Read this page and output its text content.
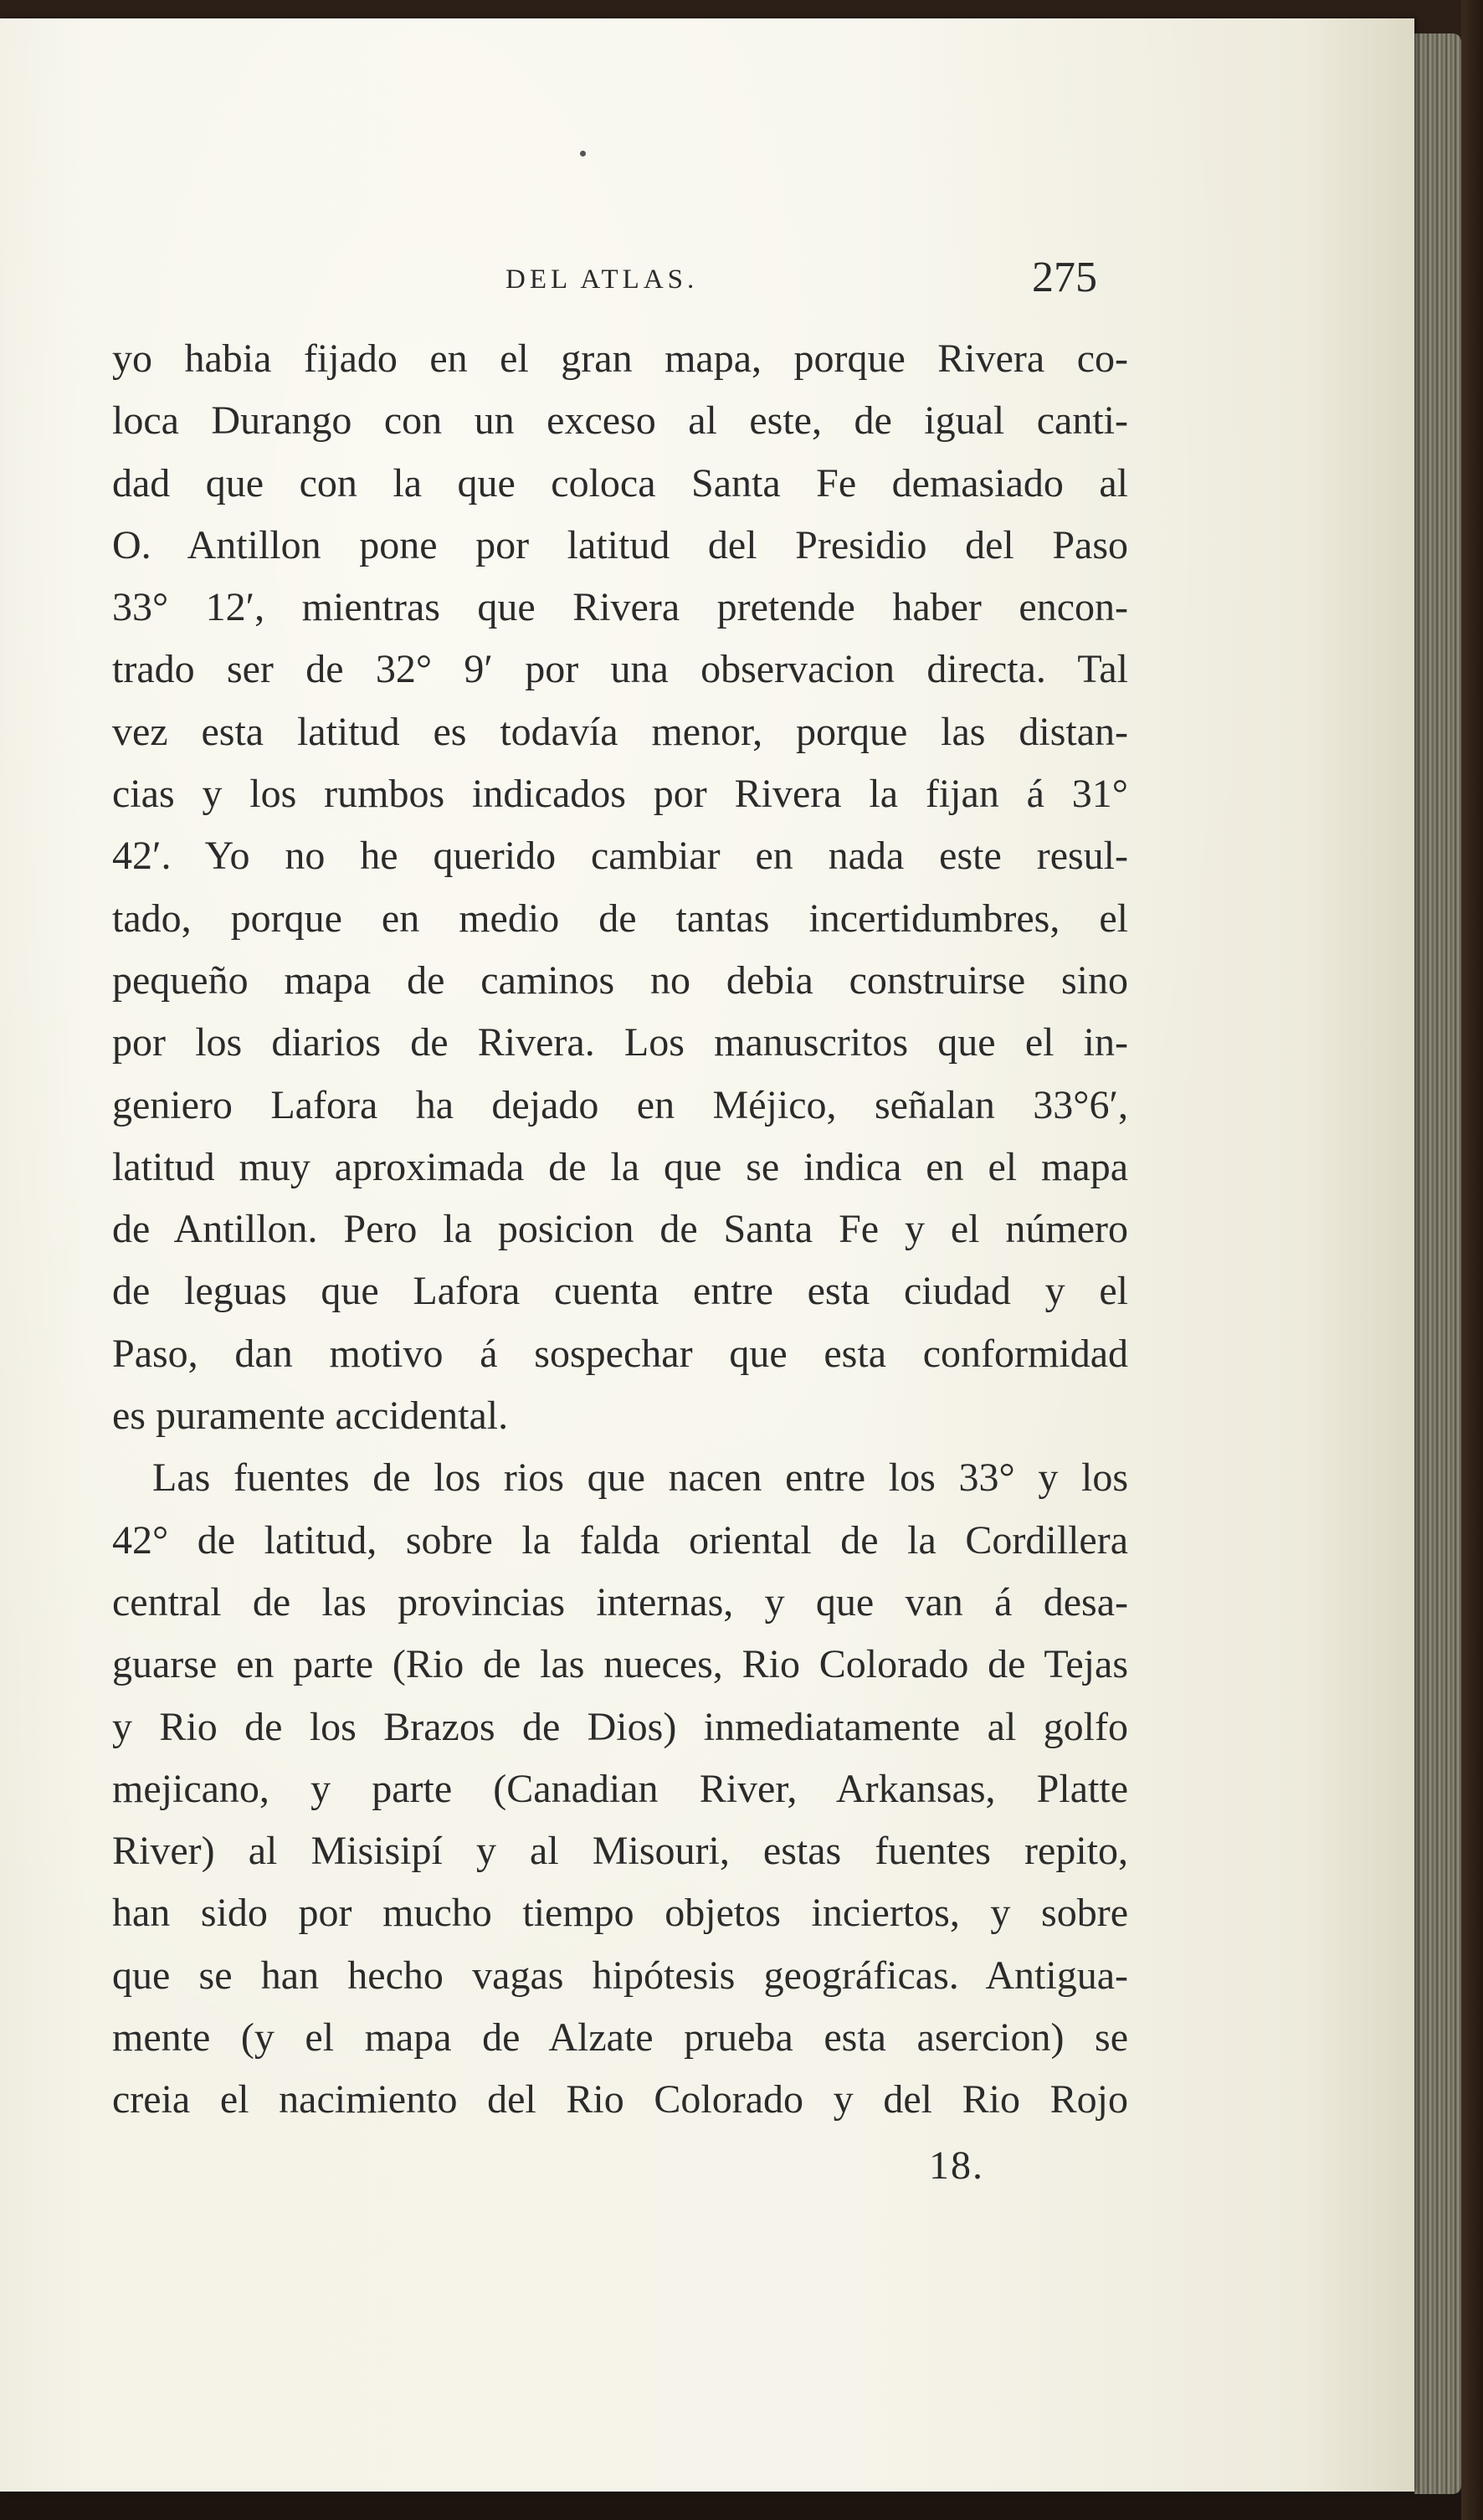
DEL ATLAS.	275
yo habia fijado en el gran mapa, porque Rivera co-
loca Durango con un exceso al este, de igual canti-
dad que con la que coloca Santa Fe demasiado al
O. Antillon pone por latitud del Presidio del Paso
33° 12′, mientras que Rivera pretende haber encon-
trado ser de 32° 9′ por una observacion directa. Tal
vez esta latitud es todavía menor, porque las distan-
cias y los rumbos indicados por Rivera la fijan á 31°
42′. Yo no he querido cambiar en nada este resul-
tado, porque en medio de tantas incertidumbres, el
pequeño mapa de caminos no debia construirse sino
por los diarios de Rivera. Los manuscritos que el in-
geniero Lafora ha dejado en Méjico, señalan 33°6′,
latitud muy aproximada de la que se indica en el mapa
de Antillon. Pero la posicion de Santa Fe y el número
de leguas que Lafora cuenta entre esta ciudad y el
Paso, dan motivo á sospechar que esta conformidad
es puramente accidental.
Las fuentes de los rios que nacen entre los 33° y los
42° de latitud, sobre la falda oriental de la Cordillera
central de las provincias internas, y que van á desa-
guarse en parte (Rio de las nueces, Rio Colorado de Tejas
y Rio de los Brazos de Dios) inmediatamente al golfo
mejicano, y parte (Canadian River, Arkansas, Platte
River) al Misisipí y al Misouri, estas fuentes repito,
han sido por mucho tiempo objetos inciertos, y sobre
que se han hecho vagas hipótesis geográficas. Antigua-
mente (y el mapa de Alzate prueba esta asercion) se
creia el nacimiento del Rio Colorado y del Rio Rojo
18.
